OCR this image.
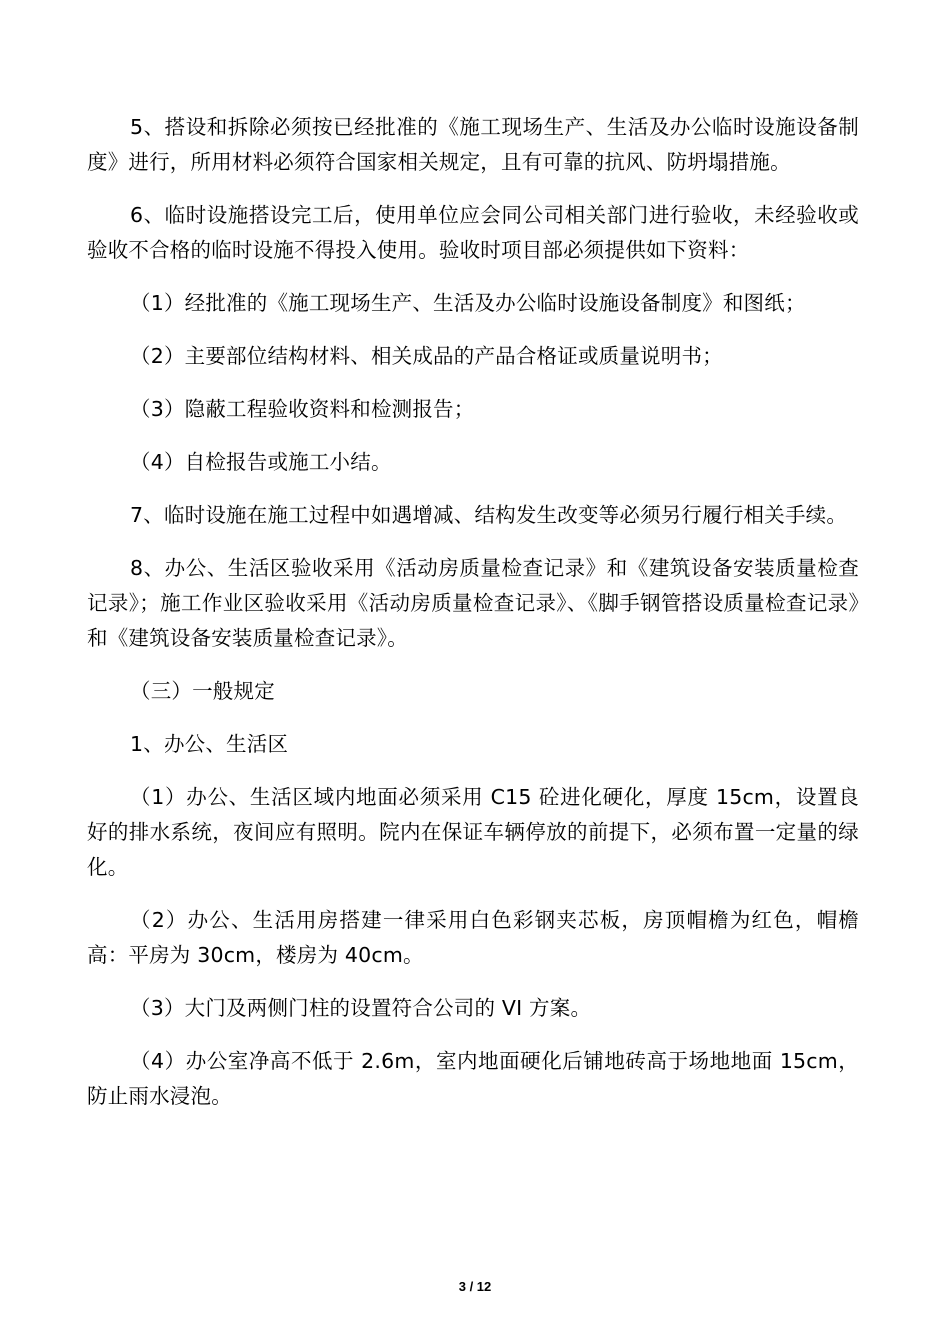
5、搭设和拆除必须按已经批准的《施工现场生产、生活及办公临时设施设备制度》进行，所用材料必须符合国家相关规定，且有可靠的抗风、防坍塌措施。

6、临时设施搭设完工后，使用单位应会同公司相关部门进行验收，未经验收或验收不合格的临时设施不得投入使用。验收时项目部必须提供如下资料：

（1）经批准的《施工现场生产、生活及办公临时设施设备制度》和图纸；

（2）主要部位结构材料、相关成品的产品合格证或质量说明书；

（3）隐蔽工程验收资料和检测报告；

（4）自检报告或施工小结。

7、临时设施在施工过程中如遇增减、结构发生改变等必须另行履行相关手续。

8、办公、生活区验收采用《活动房质量检查记录》和《建筑设备安装质量检查记录》；施工作业区验收采用《活动房质量检查记录》、《脚手钢管搭设质量检查记录》和《建筑设备安装质量检查记录》。

（三）一般规定

1、办公、生活区

（1）办公、生活区域内地面必须采用 C15 砼进化硬化，厚度 15cm，设置良好的排水系统，夜间应有照明。院内在保证车辆停放的前提下，必须布置一定量的绿化。

（2）办公、生活用房搭建一律采用白色彩钢夹芯板，房顶帽檐为红色，帽檐高：平房为 30cm，楼房为 40cm。

（3）大门及两侧门柱的设置符合公司的 VI 方案。

（4）办公室净高不低于 2.6m，室内地面硬化后铺地砖高于场地地面 15cm，防止雨水浸泡。

3 / 12
